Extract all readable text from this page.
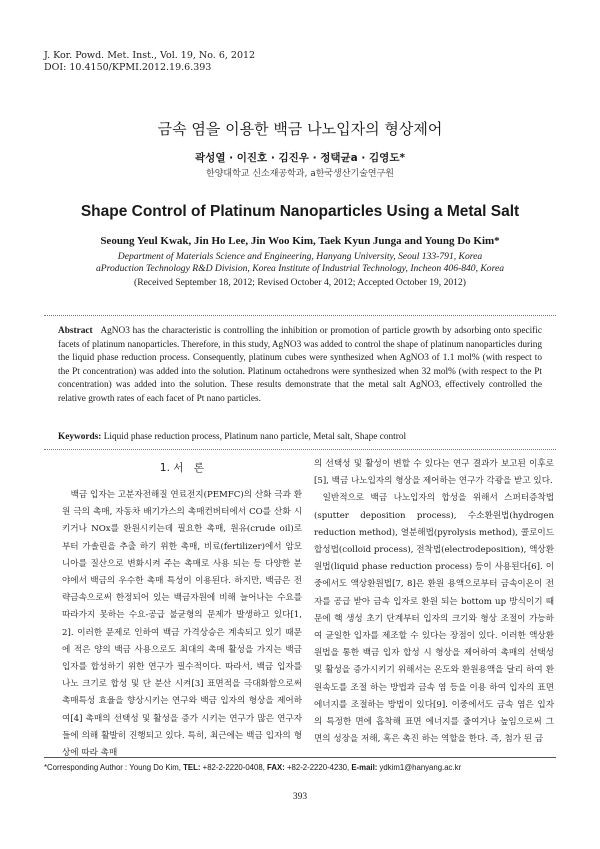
J. Kor. Powd. Met. Inst., Vol. 19, No. 6, 2012
DOI: 10.4150/KPMI.2012.19.6.393
금속 염을 이용한 백금 나노입자의 형상제어
곽성열 · 이진호 · 김진우 · 정택균a · 김영도*
한양대학교 신소재공학과, a한국생산기술연구원
Shape Control of Platinum Nanoparticles Using a Metal Salt
Seoung Yeul Kwak, Jin Ho Lee, Jin Woo Kim, Taek Kyun Junga and Young Do Kim*
Department of Materials Science and Engineering, Hanyang University, Seoul 133-791, Korea
aProduction Technology R&D Division, Korea Institute of Industrial Technology, Incheon 406-840, Korea
(Received September 18, 2012; Revised October 4, 2012; Accepted October 19, 2012)
Abstract AgNO3 has the characteristic is controlling the inhibition or promotion of particle growth by adsorbing onto specific facets of platinum nanoparticles. Therefore, in this study, AgNO3 was added to control the shape of platinum nanoparticles during the liquid phase reduction process. Consequently, platinum cubes were synthesized when AgNO3 of 1.1 mol% (with respect to the Pt concentration) was added into the solution. Platinum octahedrons were synthesized when 32 mol% (with respect to the Pt concentration) was added into the solution. These results demonstrate that the metal salt AgNO3, effectively controlled the relative growth rates of each facet of Pt nano particles.
Keywords: Liquid phase reduction process, Platinum nano particle, Metal salt, Shape control
1. 서　론

백금 입자는 고분자전해질 연료전지(PEMFC)의 산화 극과 환원 극의 촉매, 자동차 배기가스의 촉매컨버터에서 CO를 산화 시키거나 NOx를 환원시키는데 필요한 촉매, 원유(crude oil)로 부터 가솔린을 추출 하기 위한 촉매, 비료(fertilizer)에서 암모니아를 질산으로 변화시켜 주는 촉매로 사용 되는 등 다양한 분야에서 백금의 우수한 촉매 특성이 이용된다. 하지만, 백금은 전략금속으로써 한정되어 있는 백금자원에 비해 늘어나는 수요를 따라가지 못하는 수요-공급 불균형의 문제가 발생하고 있다[1, 2]. 이러한 문제로 인하여 백금 가격상승은 계속되고 있기 때문에 적은 양의 백금 사용으로도 최대의 촉매 활성을 가지는 백금 입자를 합성하기 위한 연구가 필수적이다. 따라서, 백금 입자를 나노 크기로 합성 및 단 분산 시켜[3] 표면적을 극대화함으로써 촉매특성 효율을 향상시키는 연구와 백금 입자의 형상을 제어하여[4] 촉매의 선택성 및 활성을 증가 시키는 연구가 많은 연구자들에 의해 활발히 진행되고 있다. 특히, 최근에는 백금 입자의 형상에 따라 촉매

의 선택성 및 활성이 변할 수 있다는 연구 결과가 보고된 이후로[5], 백금 나노입자의 형상을 제어하는 연구가 각광을 받고 있다.

일반적으로 백금 나노입자의 합성을 위해서 스퍼터증착법(sputter deposition process), 수소환원법(hydrogen reduction method), 열분해법(pyrolysis method), 콜로이드 합성법(colloid process), 전착법(electrodeposition), 액상환원법(liquid phase reduction process) 등이 사용된다[6]. 이 중에서도 액상환원법[7, 8]은 환원 용액으로부터 금속이온이 전자를 공급 받아 금속 입자로 환원 되는 bottom up 방식이기 때문에 핵 생성 초기 단계부터 입자의 크기와 형상 조절이 가능하여 균일한 입자를 제조할 수 있다는 장점이 있다. 이러한 액상환원법을 통한 백금 입자 합성 시 형상을 제어하여 촉매의 선택성 및 활성을 증가시키기 위해서는 온도와 환원용액을 달리 하여 환원속도를 조절 하는 방법과 금속 염 등을 이용 하여 입자의 표면에너지를 조절하는 방법이 있다[9]. 이중에서도 금속 염은 입자의 특정한 면에 흡착해 표면 에너지를 줄여거나 높임으로써 그 면의 성장을 저해, 혹은 촉진 하는 역할을 한다. 즉, 첨가 된 금

*Corresponding Author : Young Do Kim, TEL: +82-2-2220-0408, FAX: +82-2-2220-4230, E-mail: ydkim1@hanyang.ac.kr
393
